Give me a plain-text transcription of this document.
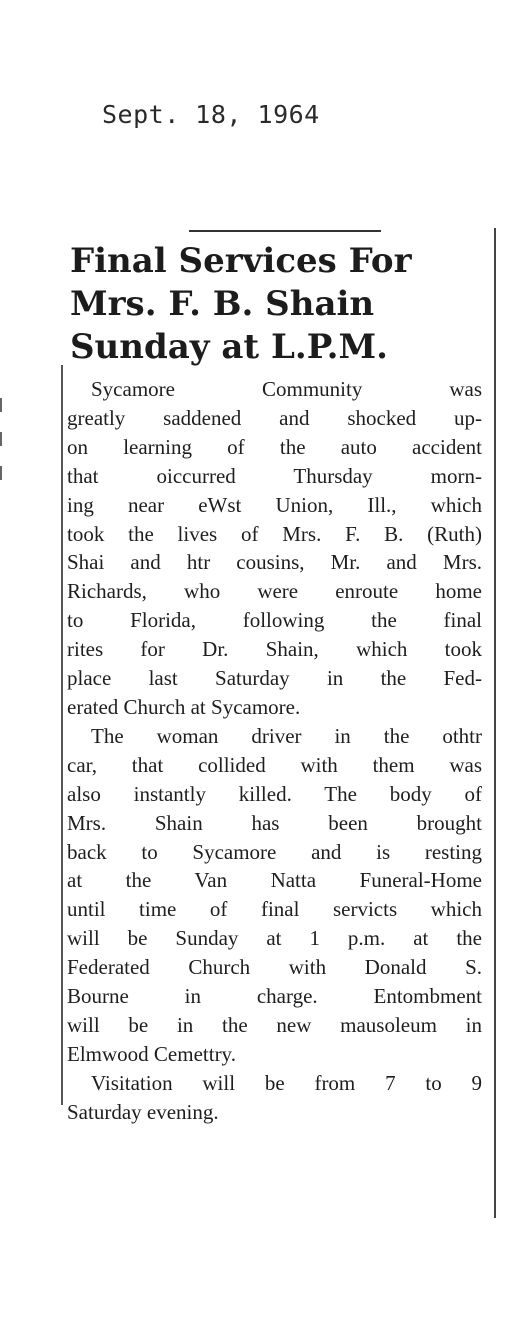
Sept. 18, 1964
Final Services For
Mrs. F. B. Shain
Sunday at L.P.M.

Sycamore Community was
greatly saddened and shocked up-
on learning of the auto accident
that oiccurred Thursday morn-
ing near eWst Union, Ill., which
took the lives of Mrs. F. B. (Ruth)
Shai and htr cousins, Mr. and Mrs.
Richards, who were enroute home
to Florida, following the final
rites for Dr. Shain, which took
place last Saturday in the Fed-
erated Church at Sycamore.

The woman driver in the othtr
car, that collided with them was
also instantly killed. The body of
Mrs. Shain has been brought
back to Sycamore and is resting
at the Van Natta Funeral-Home
until time of final servicts which
will be Sunday at 1 p.m. at the
Federated Church with Donald S.
Bourne in charge. Entombment
will be in the new mausoleum in
Elmwood Cemettry.

Visitation will be from 7 to 9
Saturday evening.
